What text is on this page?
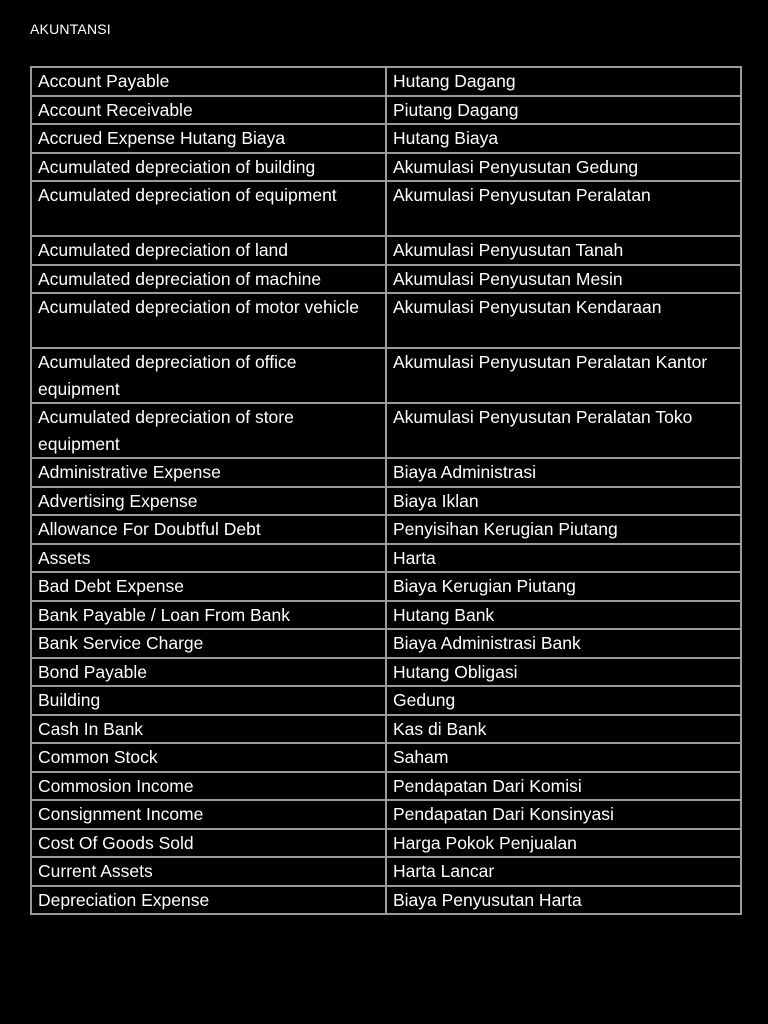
AKUNTANSI
Account Payable	Hutang Dagang
Account Receivable	Piutang Dagang
Accrued Expense Hutang Biaya	Hutang Biaya
Acumulated depreciation of building	Akumulasi Penyusutan Gedung
Acumulated depreciation of equipment	Akumulasi Penyusutan Peralatan
Acumulated depreciation of land	Akumulasi Penyusutan Tanah
Acumulated depreciation of machine	Akumulasi Penyusutan Mesin
Acumulated depreciation of motor vehicle	Akumulasi Penyusutan Kendaraan
Acumulated depreciation of office equipment	Akumulasi Penyusutan Peralatan Kantor
Acumulated depreciation of store equipment	Akumulasi Penyusutan Peralatan Toko
Administrative Expense	Biaya Administrasi
Advertising Expense	Biaya Iklan
Allowance For Doubtful Debt	Penyisihan Kerugian Piutang
Assets	Harta
Bad Debt Expense	Biaya Kerugian Piutang
Bank Payable / Loan From Bank	Hutang Bank
Bank Service Charge	Biaya Administrasi Bank
Bond Payable	Hutang Obligasi
Building	Gedung
Cash In Bank	Kas di Bank
Common Stock	Saham
Commosion Income	Pendapatan Dari Komisi
Consignment Income	Pendapatan Dari Konsinyasi
Cost Of Goods Sold	Harga Pokok Penjualan
Current Assets	Harta Lancar
Depreciation Expense	Biaya Penyusutan Harta
